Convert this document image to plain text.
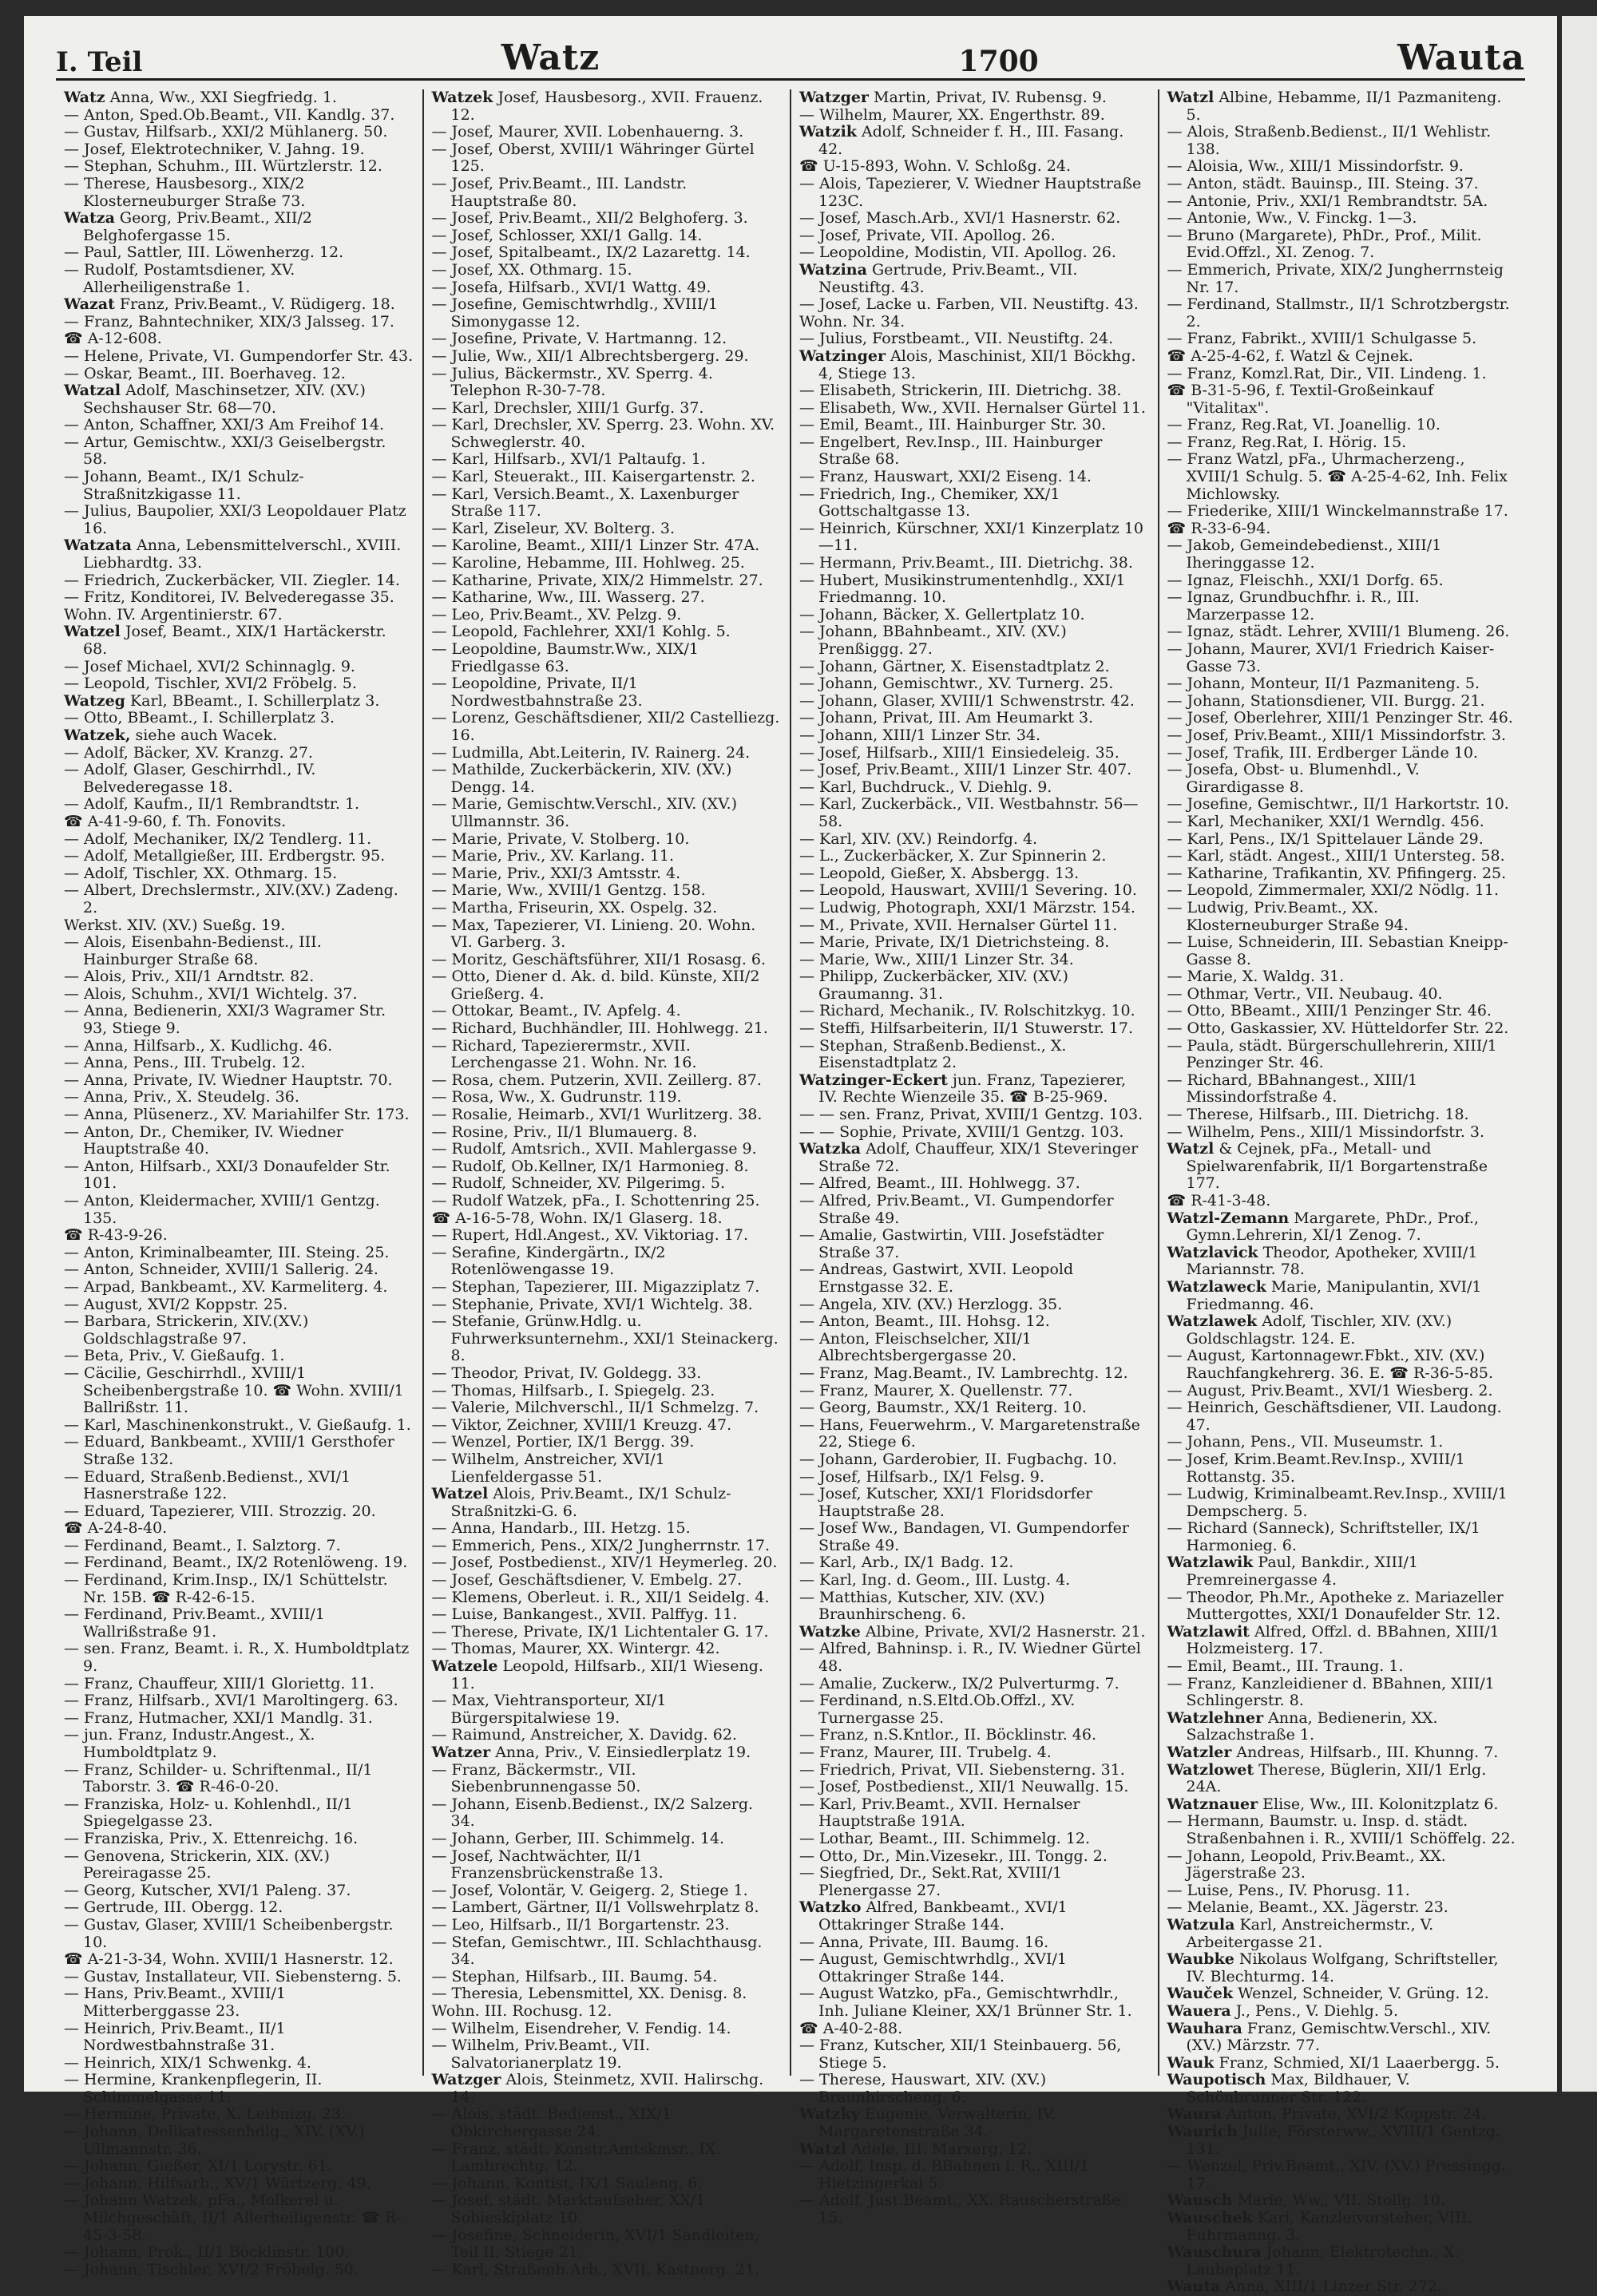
I. Teil	Watz	1700	Wauta

Watz Anna, Ww., XXI Siegfriedg. 1.

— Anton, Sped.Ob.Beamt., VII. Kandlg. 37.

— Gustav, Hilfsarb., XXI/2 Mühlanerg. 50.

— Josef, Elektrotechniker, V. Jahng. 19.

— Stephan, Schuhm., III. Würtzlerstr. 12.

— Therese, Hausbesorg., XIX/2 Klosterneuburger Straße 73.

Watza Georg, Priv.Beamt., XII/2 Belghofergasse 15.

— Paul, Sattler, III. Löwenherzg. 12.

— Rudolf, Postamtsdiener, XV. Allerheiligenstraße 1.

Wazat Franz, Priv.Beamt., V. Rüdigerg. 18.

— Franz, Bahntechniker, XIX/3 Jalsseg. 17.

☎ A-12-608.

— Helene, Private, VI. Gumpendorfer Str. 43.

— Oskar, Beamt., III. Boerhaveg. 12.

Watzal Adolf, Maschinsetzer, XIV. (XV.) Sechshauser Str. 68—70.

— Anton, Schaffner, XXI/3 Am Freihof 14.

— Artur, Gemischtw., XXI/3 Geiselbergstr. 58.

— Johann, Beamt., IX/1 Schulz-Straßnitzkigasse 11.

— Julius, Baupolier, XXI/3 Leopoldauer Platz 16.

Watzata Anna, Lebensmittelverschl., XVIII. Liebhardtg. 33.

— Friedrich, Zuckerbäcker, VII. Ziegler. 14.

— Fritz, Konditorei, IV. Belvederegasse 35.

Wohn. IV. Argentinierstr. 67.

Watzel Josef, Beamt., XIX/1 Hartäckerstr. 68.

— Josef Michael, XVI/2 Schinnaglg. 9.

— Leopold, Tischler, XVI/2 Fröbelg. 5.

Watzeg Karl, BBeamt., I. Schillerplatz 3.

— Otto, BBeamt., I. Schillerplatz 3.

Watzek, siehe auch Wacek.

— Adolf, Bäcker, XV. Kranzg. 27.

— Adolf, Glaser, Geschirrhdl., IV. Belvederegasse 18.

— Adolf, Kaufm., II/1 Rembrandtstr. 1.

☎ A-41-9-60, f. Th. Fonovits.

— Adolf, Mechaniker, IX/2 Tendlerg. 11.

— Adolf, Metallgießer, III. Erdbergstr. 95.

— Adolf, Tischler, XX. Othmarg. 15.

— Albert, Drechslermstr., XIV.(XV.) Zadeng. 2.

Werkst. XIV. (XV.) Sueßg. 19.

— Alois, Eisenbahn-Bedienst., III. Hainburger Straße 68.

— Alois, Priv., XII/1 Arndtstr. 82.

— Alois, Schuhm., XVI/1 Wichtelg. 37.

— Anna, Bedienerin, XXI/3 Wagramer Str. 93, Stiege 9.

— Anna, Hilfsarb., X. Kudlichg. 46.

— Anna, Pens., III. Trubelg. 12.

— Anna, Private, IV. Wiedner Hauptstr. 70.

— Anna, Priv., X. Steudelg. 36.

— Anna, Plüsenerz., XV. Mariahilfer Str. 173.

— Anton, Dr., Chemiker, IV. Wiedner Hauptstraße 40.

— Anton, Hilfsarb., XXI/3 Donaufelder Str. 101.

— Anton, Kleidermacher, XVIII/1 Gentzg. 135.

☎ R-43-9-26.

— Anton, Kriminalbeamter, III. Steing. 25.

— Anton, Schneider, XVIII/1 Sallerig. 24.

— Arpad, Bankbeamt., XV. Karmeliterg. 4.

— August, XVI/2 Koppstr. 25.

— Barbara, Strickerin, XIV.(XV.) Goldschlagstraße 97.

— Beta, Priv., V. Gießaufg. 1.

— Cäcilie, Geschirrhdl., XVIII/1 Scheibenbergstraße 10. ☎ Wohn. XVIII/1 Ballrißstr. 11.

— Karl, Maschinenkonstrukt., V. Gießaufg. 1.

— Eduard, Bankbeamt., XVIII/1 Gersthofer Straße 132.

— Eduard, Straßenb.Bedienst., XVI/1 Hasnerstraße 122.

— Eduard, Tapezierer, VIII. Strozzig. 20.

☎ A-24-8-40.

— Ferdinand, Beamt., I. Salztorg. 7.

— Ferdinand, Beamt., IX/2 Rotenlöweng. 19.

— Ferdinand, Krim.Insp., IX/1 Schüttelstr. Nr. 15B. ☎ R-42-6-15.

— Ferdinand, Priv.Beamt., XVIII/1 Wallrißstraße 91.

— sen. Franz, Beamt. i. R., X. Humboldtplatz 9.

— Franz, Chauffeur, XIII/1 Gloriettg. 11.

— Franz, Hilfsarb., XVI/1 Maroltingerg. 63.

— Franz, Hutmacher, XXI/1 Mandlg. 31.

— jun. Franz, Industr.Angest., X. Humboldtplatz 9.

— Franz, Schilder- u. Schriftenmal., II/1 Taborstr. 3. ☎ R-46-0-20.

— Franziska, Holz- u. Kohlenhdl., II/1 Spiegelgasse 23.

— Franziska, Priv., X. Ettenreichg. 16.

— Genovena, Strickerin, XIX. (XV.) Pereiragasse 25.

— Georg, Kutscher, XVI/1 Paleng. 37.

— Gertrude, III. Obergg. 12.

— Gustav, Glaser, XVIII/1 Scheibenbergstr. 10.

☎ A-21-3-34, Wohn. XVIII/1 Hasnerstr. 12.

— Gustav, Installateur, VII. Siebensterng. 5.

— Hans, Priv.Beamt., XVIII/1 Mitterberggasse 23.

— Heinrich, Priv.Beamt., II/1 Nordwestbahnstraße 31.

— Heinrich, XIX/1 Schwenkg. 4.

— Hermine, Krankenpflegerin, II. Schimmelgasse 11.

— Hermine, Private, X. Leibnizg. 23.

— Johann, Delikatessenhdlg., XIV. (XV.) Ullmannstr. 36.

— Johann, Gießer, XI/1 Lorystr. 61.

— Johann, Hilfsarb., XV/1 Würtzerg. 49.

— Johann Watzek, pFa., Molkerei u. Milchgeschäft, II/1 Allerheiligenstr. ☎ R-45-3-58.

— Johann, Prok., II/1 Böcklinstr. 100.

— Johann, Tischler, XVI/2 Fröbelg. 50.

Watzek Josef, Hausbesorg., XVII. Frauenz. 12.

— Josef, Maurer, XVII. Lobenhauerng. 3.

— Josef, Oberst, XVIII/1 Währinger Gürtel 125.

— Josef, Priv.Beamt., III. Landstr. Hauptstraße 80.

— Josef, Priv.Beamt., XII/2 Belghoferg. 3.

— Josef, Schlosser, XXI/1 Gallg. 14.

— Josef, Spitalbeamt., IX/2 Lazarettg. 14.

— Josef, XX. Othmarg. 15.

— Josefa, Hilfsarb., XVI/1 Wattg. 49.

— Josefine, Gemischtwrhdlg., XVIII/1 Simonygasse 12.

— Josefine, Private, V. Hartmanng. 12.

— Julie, Ww., XII/1 Albrechtsbergerg. 29.

— Julius, Bäckermstr., XV. Sperrg. 4. Telephon R-30-7-78.

— Karl, Drechsler, XIII/1 Gurfg. 37.

— Karl, Drechsler, XV. Sperrg. 23. Wohn. XV. Schweglerstr. 40.

— Karl, Hilfsarb., XVI/1 Paltaufg. 1.

— Karl, Steuerakt., III. Kaisergartenstr. 2.

— Karl, Versich.Beamt., X. Laxenburger Straße 117.

— Karl, Ziseleur, XV. Bolterg. 3.

— Karoline, Beamt., XIII/1 Linzer Str. 47A.

— Karoline, Hebamme, III. Hohlweg. 25.

— Katharine, Private, XIX/2 Himmelstr. 27.

— Katharine, Ww., III. Wasserg. 27.

— Leo, Priv.Beamt., XV. Pelzg. 9.

— Leopold, Fachlehrer, XXI/1 Kohlg. 5.

— Leopoldine, Baumstr.Ww., XIX/1 Friedlgasse 63.

— Leopoldine, Private, II/1 Nordwestbahnstraße 23.

— Lorenz, Geschäftsdiener, XII/2 Castelliezg. 16.

— Ludmilla, Abt.Leiterin, IV. Rainerg. 24.

— Mathilde, Zuckerbäckerin, XIV. (XV.) Dengg. 14.

— Marie, Gemischtw.Verschl., XIV. (XV.) Ullmannstr. 36.

— Marie, Private, V. Stolberg. 10.

— Marie, Priv., XV. Karlang. 11.

— Marie, Priv., XXI/3 Amtsstr. 4.

— Marie, Ww., XVIII/1 Gentzg. 158.

— Martha, Friseurin, XX. Ospelg. 32.

— Max, Tapezierer, VI. Linieng. 20. Wohn. VI. Garberg. 3.

— Moritz, Geschäftsführer, XII/1 Rosasg. 6.

— Otto, Diener d. Ak. d. bild. Künste, XII/2 Grießerg. 4.

— Ottokar, Beamt., IV. Apfelg. 4.

— Richard, Buchhändler, III. Hohlwegg. 21.

— Richard, Tapezierermstr., XVII. Lerchengasse 21. Wohn. Nr. 16.

— Rosa, chem. Putzerin, XVII. Zeillerg. 87.

— Rosa, Ww., X. Gudrunstr. 119.

— Rosalie, Heimarb., XVI/1 Wurlitzerg. 38.

— Rosine, Priv., II/1 Blumauerg. 8.

— Rudolf, Amtsrich., XVII. Mahlergasse 9.

— Rudolf, Ob.Kellner, IX/1 Harmonieg. 8.

— Rudolf, Schneider, XV. Pilgerimg. 5.

— Rudolf Watzek, pFa., I. Schottenring 25.

☎ A-16-5-78, Wohn. IX/1 Glaserg. 18.

— Rupert, Hdl.Angest., XV. Viktoriag. 17.

— Serafine, Kindergärtn., IX/2 Rotenlöwengasse 19.

— Stephan, Tapezierer, III. Migazziplatz 7.

— Stephanie, Private, XVI/1 Wichtelg. 38.

— Stefanie, Grünw.Hdlg. u. Fuhrwerksunternehm., XXI/1 Steinackerg. 8.

— Theodor, Privat, IV. Goldegg. 33.

— Thomas, Hilfsarb., I. Spiegelg. 23.

— Valerie, Milchverschl., II/1 Schmelzg. 7.

— Viktor, Zeichner, XVIII/1 Kreuzg. 47.

— Wenzel, Portier, IX/1 Bergg. 39.

— Wilhelm, Anstreicher, XVI/1 Lienfeldergasse 51.

Watzel Alois, Priv.Beamt., IX/1 Schulz-Straßnitzki-G. 6.

— Anna, Handarb., III. Hetzg. 15.

— Emmerich, Pens., XIX/2 Jungherrnstr. 17.

— Josef, Postbedienst., XIV/1 Heymerleg. 20.

— Josef, Geschäftsdiener, V. Embelg. 27.

— Klemens, Oberleut. i. R., XII/1 Seidelg. 4.

— Luise, Bankangest., XVII. Palffyg. 11.

— Therese, Private, IX/1 Lichtentaler G. 17.

— Thomas, Maurer, XX. Wintergr. 42.

Watzele Leopold, Hilfsarb., XII/1 Wieseng. 11.

— Max, Viehtransporteur, XI/1 Bürgerspitalwiese 19.

— Raimund, Anstreicher, X. Davidg. 62.

Watzer Anna, Priv., V. Einsiedlerplatz 19.

— Franz, Bäckermstr., VII. Siebenbrunnengasse 50.

— Johann, Eisenb.Bedienst., IX/2 Salzerg. 34.

— Johann, Gerber, III. Schimmelg. 14.

— Josef, Nachtwächter, II/1 Franzensbrückenstraße 13.

— Josef, Volontär, V. Geigerg. 2, Stiege 1.

— Lambert, Gärtner, II/1 Vollswehrplatz 8.

— Leo, Hilfsarb., II/1 Borgartenstr. 23.

— Stefan, Gemischtwr., III. Schlachthausg. 34.

— Stephan, Hilfsarb., III. Baumg. 54.

— Theresia, Lebensmittel, XX. Denisg. 8.

Wohn. III. Rochusg. 12.

— Wilhelm, Eisendreher, V. Fendig. 14.

— Wilhelm, Priv.Beamt., VII. Salvatorianerplatz 19.

Watzger Alois, Steinmetz, XVII. Halirschg. 14.

— Alois, städt. Bedienst., XIX/1 Obkirchergasse 24.

— Franz, städt. Konstr.Amtskmsr., IX. Lambrechtg. 12.

— Johann, Kontist, IX/1 Sauleng. 6.

— Josef, städt. Marktaufseher, XX/1 Sobieskiplatz 10.

— Josefine, Schneiderin, XVI/1 Sandleiten, Teil II, Stiege 21.

— Karl, Straßenb.Arb., XVII. Kastnerg. 21.

Watzger Martin, Privat, IV. Rubensg. 9.

— Wilhelm, Maurer, XX. Engerthstr. 89.

Watzik Adolf, Schneider f. H., III. Fasang. 42.

☎ U-15-893, Wohn. V. Schloßg. 24.

— Alois, Tapezierer, V. Wiedner Hauptstraße 123C.

— Josef, Masch.Arb., XVI/1 Hasnerstr. 62.

— Josef, Private, VII. Apollog. 26.

— Leopoldine, Modistin, VII. Apollog. 26.

Watzina Gertrude, Priv.Beamt., VII. Neustiftg. 43.

— Josef, Lacke u. Farben, VII. Neustiftg. 43.

Wohn. Nr. 34.

— Julius, Forstbeamt., VII. Neustiftg. 24.

Watzinger Alois, Maschinist, XII/1 Böckhg. 4, Stiege 13.

— Elisabeth, Strickerin, III. Dietrichg. 38.

— Elisabeth, Ww., XVII. Hernalser Gürtel 11.

— Emil, Beamt., III. Hainburger Str. 30.

— Engelbert, Rev.Insp., III. Hainburger Straße 68.

— Franz, Hauswart, XXI/2 Eiseng. 14.

— Friedrich, Ing., Chemiker, XX/1 Gottschaltgasse 13.

— Heinrich, Kürschner, XXI/1 Kinzerplatz 10—11.

— Hermann, Priv.Beamt., III. Dietrichg. 38.

— Hubert, Musikinstrumentenhdlg., XXI/1 Friedmanng. 10.

— Johann, Bäcker, X. Gellertplatz 10.

— Johann, BBahnbeamt., XIV. (XV.) Prenßiggg. 27.

— Johann, Gärtner, X. Eisenstadtplatz 2.

— Johann, Gemischtwr., XV. Turnerg. 25.

— Johann, Glaser, XVIII/1 Schwenstrstr. 42.

— Johann, Privat, III. Am Heumarkt 3.

— Johann, XIII/1 Linzer Str. 34.

— Josef, Hilfsarb., XIII/1 Einsiedeleig. 35.

— Josef, Priv.Beamt., XIII/1 Linzer Str. 407.

— Karl, Buchdruck., V. Diehlg. 9.

— Karl, Zuckerbäck., VII. Westbahnstr. 56—58.

— Karl, XIV. (XV.) Reindorfg. 4.

— L., Zuckerbäcker, X. Zur Spinnerin 2.

— Leopold, Gießer, X. Absbergg. 13.

— Leopold, Hauswart, XVIII/1 Severing. 10.

— Ludwig, Photograph, XXI/1 Märzstr. 154.

— M., Private, XVII. Hernalser Gürtel 11.

— Marie, Private, IX/1 Dietrichsteing. 8.

— Marie, Ww., XIII/1 Linzer Str. 34.

— Philipp, Zuckerbäcker, XIV. (XV.) Graumanng. 31.

— Richard, Mechanik., IV. Rolschitzkyg. 10.

— Steffi, Hilfsarbeiterin, II/1 Stuwerstr. 17.

— Stephan, Straßenb.Bedienst., X. Eisenstadtplatz 2.

Watzinger-Eckert jun. Franz, Tapezierer, IV. Rechte Wienzeile 35. ☎ B-25-969.

— — sen. Franz, Privat, XVIII/1 Gentzg. 103.

— — Sophie, Private, XVIII/1 Gentzg. 103.

Watzka Adolf, Chauffeur, XIX/1 Steveringer Straße 72.

— Alfred, Beamt., III. Hohlwegg. 37.

— Alfred, Priv.Beamt., VI. Gumpendorfer Straße 49.

— Amalie, Gastwirtin, VIII. Josefstädter Straße 37.

— Andreas, Gastwirt, XVII. Leopold Ernstgasse 32. E.

— Angela, XIV. (XV.) Herzlogg. 35.

— Anton, Beamt., III. Hohsg. 12.

— Anton, Fleischselcher, XII/1 Albrechtsbergergasse 20.

— Franz, Mag.Beamt., IV. Lambrechtg. 12.

— Franz, Maurer, X. Quellenstr. 77.

— Georg, Baumstr., XX/1 Reiterg. 10.

— Hans, Feuerwehrm., V. Margaretenstraße 22, Stiege 6.

— Johann, Garderobier, II. Fugbachg. 10.

— Josef, Hilfsarb., IX/1 Felsg. 9.

— Josef, Kutscher, XXI/1 Floridsdorfer Hauptstraße 28.

— Josef Ww., Bandagen, VI. Gumpendorfer Straße 49.

— Karl, Arb., IX/1 Badg. 12.

— Karl, Ing. d. Geom., III. Lustg. 4.

— Matthias, Kutscher, XIV. (XV.) Braunhirscheng. 6.

Watzke Albine, Private, XVI/2 Hasnerstr. 21.

— Alfred, Bahninsp. i. R., IV. Wiedner Gürtel 48.

— Amalie, Zuckerw., IX/2 Pulverturmg. 7.

— Ferdinand, n.S.Eltd.Ob.Offzl., XV. Turnergasse 25.

— Franz, n.S.Kntlor., II. Böcklinstr. 46.

— Franz, Maurer, III. Trubelg. 4.

— Friedrich, Privat, VII. Siebensterng. 31.

— Josef, Postbedienst., XII/1 Neuwallg. 15.

— Karl, Priv.Beamt., XVII. Hernalser Hauptstraße 191A.

— Lothar, Beamt., III. Schimmelg. 12.

— Otto, Dr., Min.Vizesekr., III. Tongg. 2.

— Siegfried, Dr., Sekt.Rat, XVIII/1 Plenergasse 27.

Watzko Alfred, Bankbeamt., XVI/1 Ottakringer Straße 144.

— Anna, Private, III. Baumg. 16.

— August, Gemischtwrhdlg., XVI/1 Ottakringer Straße 144.

— August Watzko, pFa., Gemischtwrhdlr., Inh. Juliane Kleiner, XX/1 Brünner Str. 1.

☎ A-40-2-88.

— Franz, Kutscher, XII/1 Steinbauerg. 56, Stiege 5.

— Therese, Hauswart, XIV. (XV.) Braunhirscheng. 6.

Watzky Eugenie, Verwalterin, IV. Margaretenstraße 34.

Watzl Adele, III. Marxerg. 12.

— Adolf, Insp. d. BBahnen i. R., XIII/1 Hietzingerkai 5.

— Adolf, Just.Beamt., XX. Rauscherstraße 15.

Watzl Albine, Hebamme, II/1 Pazmaniteng. 5.

— Alois, Straßenb.Bedienst., II/1 Wehlistr. 138.

— Aloisia, Ww., XIII/1 Missindorfstr. 9.

— Anton, städt. Bauinsp., III. Steing. 37.

— Antonie, Priv., XXI/1 Rembrandtstr. 5A.

— Antonie, Ww., V. Finckg. 1—3.

— Bruno (Margarete), PhDr., Prof., Milit. Evid.Offzl., XI. Zenog. 7.

— Emmerich, Private, XIX/2 Jungherrnsteig Nr. 17.

— Ferdinand, Stallmstr., II/1 Schrotzbergstr. 2.

— Franz, Fabrikt., XVIII/1 Schulgasse 5.

☎ A-25-4-62, f. Watzl & Cejnek.

— Franz, Komzl.Rat, Dir., VII. Lindeng. 1.

☎ B-31-5-96, f. Textil-Großeinkauf "Vitalitax".

— Franz, Reg.Rat, VI. Joanellig. 10.

— Franz, Reg.Rat, I. Hörig. 15.

— Franz Watzl, pFa., Uhrmacherzeng., XVIII/1 Schulg. 5. ☎ A-25-4-62, Inh. Felix Michlowsky.

— Friederike, XIII/1 Winckelmannstraße 17.

☎ R-33-6-94.

— Jakob, Gemeindebedienst., XIII/1 Iheringgasse 12.

— Ignaz, Fleischh., XXI/1 Dorfg. 65.

— Ignaz, Grundbuchfhr. i. R., III. Marzerpasse 12.

— Ignaz, städt. Lehrer, XVIII/1 Blumeng. 26.

— Johann, Maurer, XVI/1 Friedrich Kaiser-Gasse 73.

— Johann, Monteur, II/1 Pazmaniteng. 5.

— Johann, Stationsdiener, VII. Burgg. 21.

— Josef, Oberlehrer, XIII/1 Penzinger Str. 46.

— Josef, Priv.Beamt., XIII/1 Missindorfstr. 3.

— Josef, Trafik, III. Erdberger Lände 10.

— Josefa, Obst- u. Blumenhdl., V. Girardigasse 8.

— Josefine, Gemischtwr., II/1 Harkortstr. 10.

— Karl, Mechaniker, XXI/1 Werndlg. 456.

— Karl, Pens., IX/1 Spittelauer Lände 29.

— Karl, städt. Angest., XIII/1 Untersteg. 58.

— Katharine, Trafikantin, XV. Pfifingerg. 25.

— Leopold, Zimmermaler, XXI/2 Nödlg. 11.

— Ludwig, Priv.Beamt., XX. Klosterneuburger Straße 94.

— Luise, Schneiderin, III. Sebastian Kneipp-Gasse 8.

— Marie, X. Waldg. 31.

— Othmar, Vertr., VII. Neubaug. 40.

— Otto, BBeamt., XIII/1 Penzinger Str. 46.

— Otto, Gaskassier, XV. Hütteldorfer Str. 22.

— Paula, städt. Bürgerschullehrerin, XIII/1 Penzinger Str. 46.

— Richard, BBahnangest., XIII/1 Missindorfstraße 4.

— Therese, Hilfsarb., III. Dietrichg. 18.

— Wilhelm, Pens., XIII/1 Missindorfstr. 3.

Watzl & Cejnek, pFa., Metall- und Spielwarenfabrik, II/1 Borgartenstraße 177.

☎ R-41-3-48.

Watzl-Zemann Margarete, PhDr., Prof., Gymn.Lehrerin, XI/1 Zenog. 7.

Watzlavick Theodor, Apotheker, XVIII/1 Mariannstr. 78.

Watzlaweck Marie, Manipulantin, XVI/1 Friedmanng. 46.

Watzlawek Adolf, Tischler, XIV. (XV.) Goldschlagstr. 124. E.

— August, Kartonnagewr.Fbkt., XIV. (XV.) Rauchfangkehrerg. 36. E. ☎ R-36-5-85.

— August, Priv.Beamt., XVI/1 Wiesberg. 2.

— Heinrich, Geschäftsdiener, VII. Laudong. 47.

— Johann, Pens., VII. Museumstr. 1.

— Josef, Krim.Beamt.Rev.Insp., XVIII/1 Rottanstg. 35.

— Ludwig, Kriminalbeamt.Rev.Insp., XVIII/1 Dempscherg. 5.

— Richard (Sanneck), Schriftsteller, IX/1 Harmonieg. 6.

Watzlawik Paul, Bankdir., XIII/1 Premreinergasse 4.

— Theodor, Ph.Mr., Apotheke z. Mariazeller Muttergottes, XXI/1 Donaufelder Str. 12.

Watzlawit Alfred, Offzl. d. BBahnen, XIII/1 Holzmeisterg. 17.

— Emil, Beamt., III. Traung. 1.

— Franz, Kanzleidiener d. BBahnen, XIII/1 Schlingerstr. 8.

Watzlehner Anna, Bedienerin, XX. Salzachstraße 1.

Watzler Andreas, Hilfsarb., III. Khunng. 7.

Watzlowet Therese, Büglerin, XII/1 Erlg. 24A.

Watznauer Elise, Ww., III. Kolonitzplatz 6.

— Hermann, Baumstr. u. Insp. d. städt. Straßenbahnen i. R., XVIII/1 Schöffelg. 22.

— Johann, Leopold, Priv.Beamt., XX. Jägerstraße 23.

— Luise, Pens., IV. Phorusg. 11.

— Melanie, Beamt., XX. Jägerstr. 23.

Watzula Karl, Anstreichermstr., V. Arbeitergasse 21.

Waubke Nikolaus Wolfgang, Schriftsteller, IV. Blechturmg. 14.

Wauček Wenzel, Schneider, V. Grüng. 12.

Wauera J., Pens., V. Diehlg. 5.

Wauhara Franz, Gemischtw.Verschl., XIV. (XV.) Märzstr. 77.

Wauk Franz, Schmied, XI/1 Laaerbergg. 5.

Waupotisch Max, Bildhauer, V. Schönbrunner Str. 122.

Waura Anton, Private, XVI/2 Koppstr. 24.

Waurich Julie, Försterww., XVIII/1 Gentzg. 131.

— Wenzel, Priv.Beamt., XIV. (XV.) Pressingg. 17.

Wausch Marie, Ww., VII. Stollg. 10.

Wauschek Karl, Kanzleivorsteher, VIII. Fuhrmanng. 3.

Wauschura Johann, Elektrotechn., X. Laubeplatz 11.

Wauta Anna, XIII/1 Linzer Str. 272.
